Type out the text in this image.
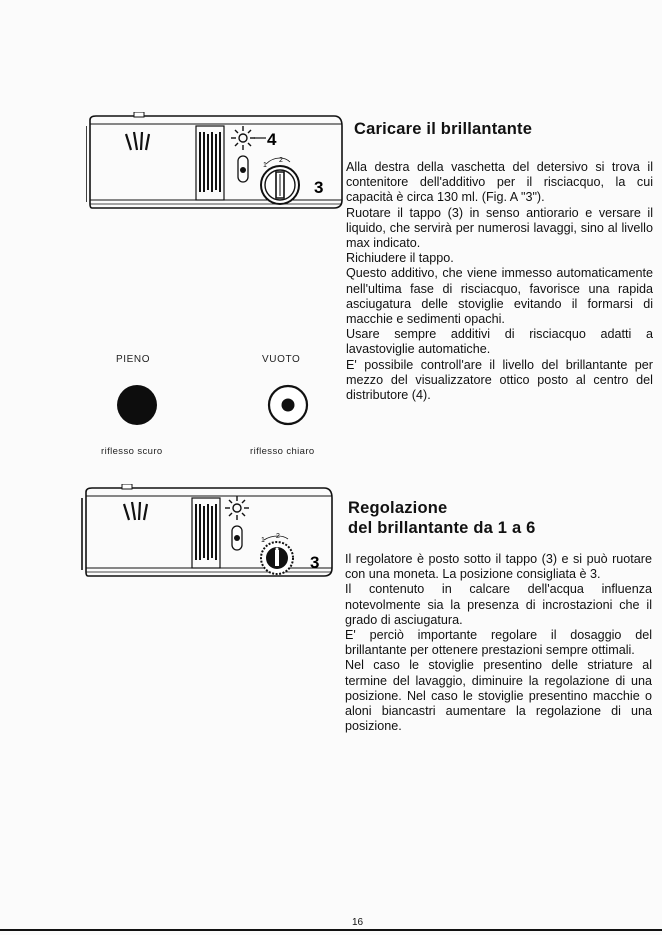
4
1
2
3
Caricare il brillantante

Alla destra della vaschetta del detersivo si trova il contenitore dell'additivo per il risciacquo, la cui capacità è circa 130 ml. (Fig. A "3").

Ruotare il tappo (3) in senso antiorario e versare il liquido, che servirà per numerosi lavaggi, sino al livello max indicato.

Richiudere il tappo.

Questo additivo, che viene immesso automaticamente nell'ultima fase di risciacquo, favorisce una rapida asciugatura delle stoviglie evitando il formarsi di macchie e sedimenti opachi.

Usare sempre additivi di risciacquo adatti a lavastoviglie automatiche.

E' possibile controll'are il livello del brillantante per mezzo del visualizzatore ottico posto al centro del distributore (4).

PIENO	VUOTO
riflesso scuro	riflesso chiaro
1
2
3
Regolazione
del brillantante da 1 a 6

Il regolatore è posto sotto il tappo (3) e si può ruotare con una moneta. La posizione consigliata è 3.

Il contenuto in calcare dell'acqua influenza notevolmente sia la presenza di incrostazioni che il grado di asciugatura.

E' perciò importante regolare il dosaggio del brillantante per ottenere prestazioni sempre ottimali.

Nel caso le stoviglie presentino delle striature al termine del lavaggio, diminuire la regolazione di una posizione. Nel caso le stoviglie presentino macchie o aloni biancastri aumentare la regolazione di una posizione.

16
